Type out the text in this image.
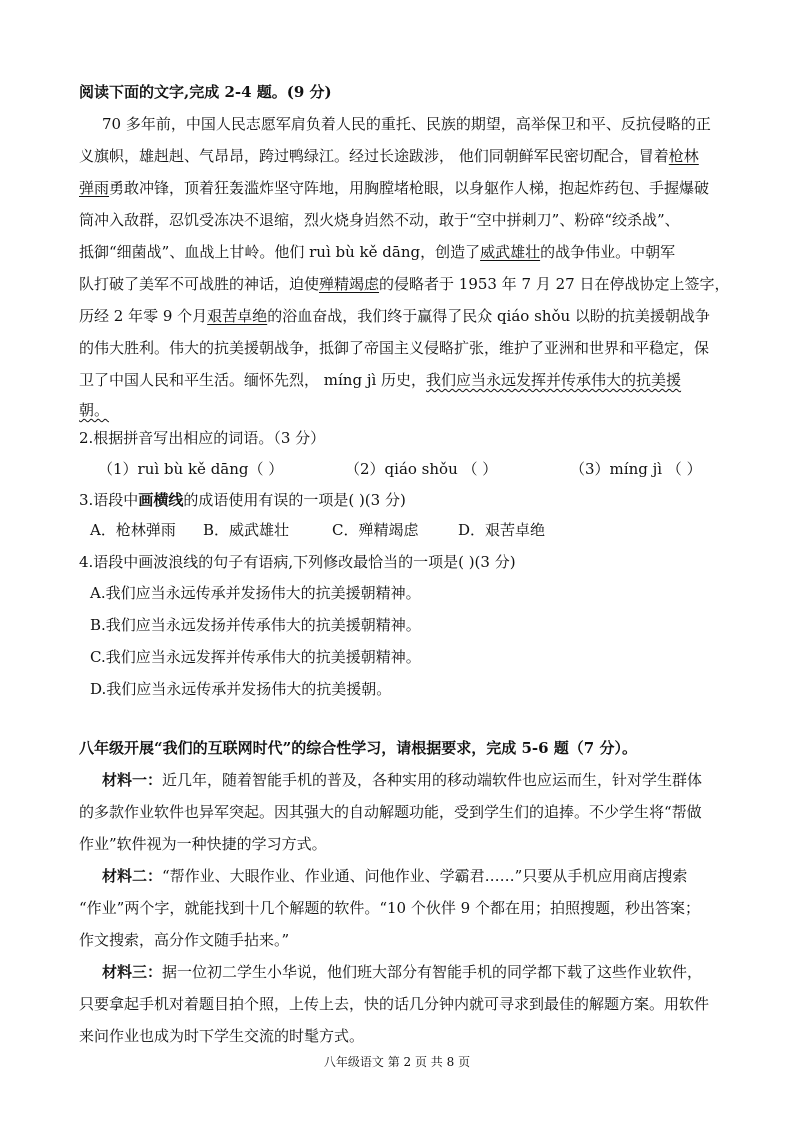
阅读下面的文字,完成 2-4 题。(9 分)
70 多年前，中国人民志愿军肩负着人民的重托、民族的期望，高举保卫和平、反抗侵略的正
义旗帜，雄赳赳、气昂昂，跨过鸭绿江。经过长途跋涉， 他们同朝鲜军民密切配合，冒着枪林
弹雨勇敢冲锋，顶着狂轰滥炸坚守阵地，用胸膛堵枪眼，以身躯作人梯，抱起炸药包、手握爆破
筒冲入敌群，忍饥受冻决不退缩，烈火烧身岿然不动，敢于“空中拼刺刀”、粉碎“绞杀战”、
抵御“细菌战”、血战上甘岭。他们 ruì bù kě dāng，创造了威武雄壮的战争伟业。中朝军
队打破了美军不可战胜的神话，迫使殚精竭虑的侵略者于 1953 年 7 月 27 日在停战协定上签字，
历经 2 年零 9 个月艰苦卓绝的浴血奋战，我们终于赢得了民众 qiáo shǒu 以盼的抗美援朝战争
的伟大胜利。伟大的抗美援朝战争，抵御了帝国主义侵略扩张，维护了亚洲和世界和平稳定，保
卫了中国人民和平生活。缅怀先烈， míng jì 历史，我们应当永远发挥并传承伟大的抗美援
朝。
2.根据拼音写出相应的词语。（3 分）
（1）ruì bù kě dāng（ ）	（2）qiáo shǒu （ ）	（3）míng jì （ ）
3.语段中画横线的成语使用有误的一项是( )(3 分)
A．枪林弹雨 B．威武雄壮	C．殚精竭虑	D．艰苦卓绝
4.语段中画波浪线的句子有语病,下列修改最恰当的一项是( )(3 分)
A.我们应当永远传承并发扬伟大的抗美援朝精神。
B.我们应当永远发扬并传承伟大的抗美援朝精神。
C.我们应当永远发挥并传承伟大的抗美援朝精神。
D.我们应当永远传承并发扬伟大的抗美援朝。
八年级开展“我们的互联网时代”的综合性学习，请根据要求，完成 5-6 题（7 分）。
材料一：近几年，随着智能手机的普及，各种实用的移动端软件也应运而生，针对学生群体
的多款作业软件也异军突起。因其强大的自动解题功能，受到学生们的追捧。不少学生将“帮做
作业”软件视为一种快捷的学习方式。
材料二：“帮作业、大眼作业、作业通、问他作业、学霸君……”只要从手机应用商店搜索
“作业”两个字，就能找到十几个解题的软件。“10 个伙伴 9 个都在用；拍照搜题，秒出答案；
作文搜索，高分作文随手拈来。”
材料三：据一位初二学生小华说，他们班大部分有智能手机的同学都下载了这些作业软件，
只要拿起手机对着题目拍个照，上传上去，快的话几分钟内就可寻求到最佳的解题方案。用软件
来问作业也成为时下学生交流的时髦方式。
八年级语文 第 2 页 共 8 页
